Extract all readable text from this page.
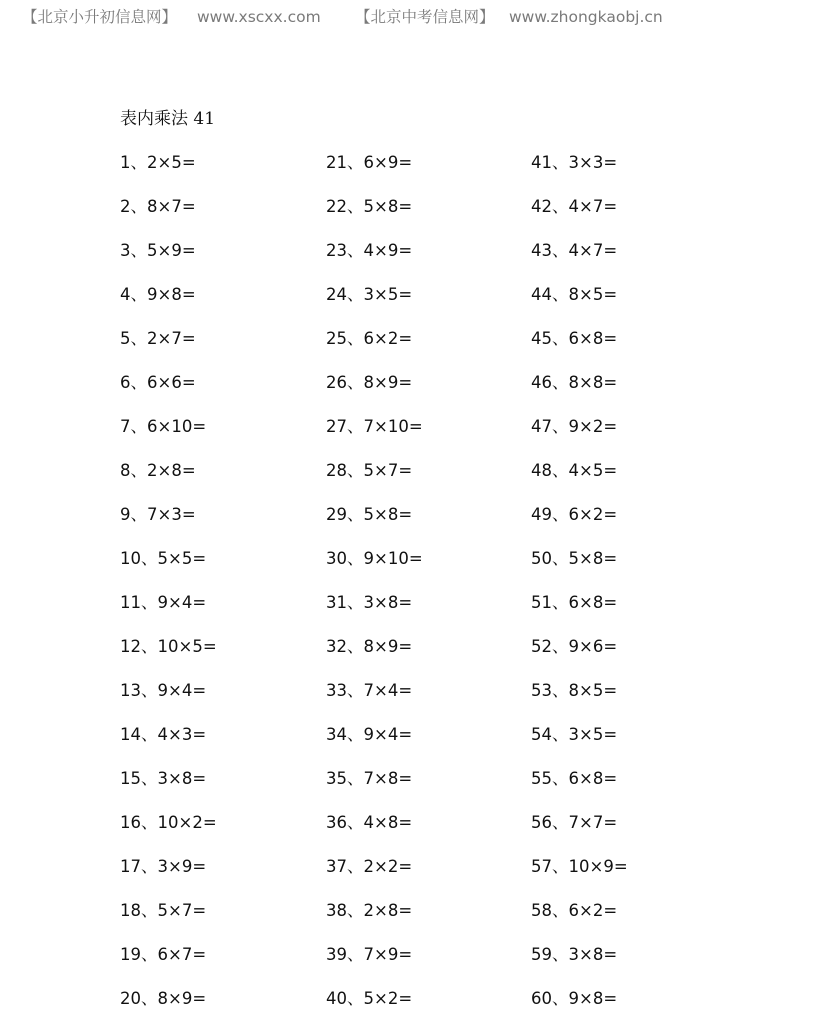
【北京小升初信息网】 www.xscxx.com 【北京中考信息网】 www.zhongkaobj.cn
表内乘法 41
1、2×5=
2、8×7=
3、5×9=
4、9×8=
5、2×7=
6、6×6=
7、6×10=
8、2×8=
9、7×3=
10、5×5=
11、9×4=
12、10×5=
13、9×4=
14、4×3=
15、3×8=
16、10×2=
17、3×9=
18、5×7=
19、6×7=
20、8×9=
21、6×9=
22、5×8=
23、4×9=
24、3×5=
25、6×2=
26、8×9=
27、7×10=
28、5×7=
29、5×8=
30、9×10=
31、3×8=
32、8×9=
33、7×4=
34、9×4=
35、7×8=
36、4×8=
37、2×2=
38、2×8=
39、7×9=
40、5×2=
41、3×3=
42、4×7=
43、4×7=
44、8×5=
45、6×8=
46、8×8=
47、9×2=
48、4×5=
49、6×2=
50、5×8=
51、6×8=
52、9×6=
53、8×5=
54、3×5=
55、6×8=
56、7×7=
57、10×9=
58、6×2=
59、3×8=
60、9×8=
